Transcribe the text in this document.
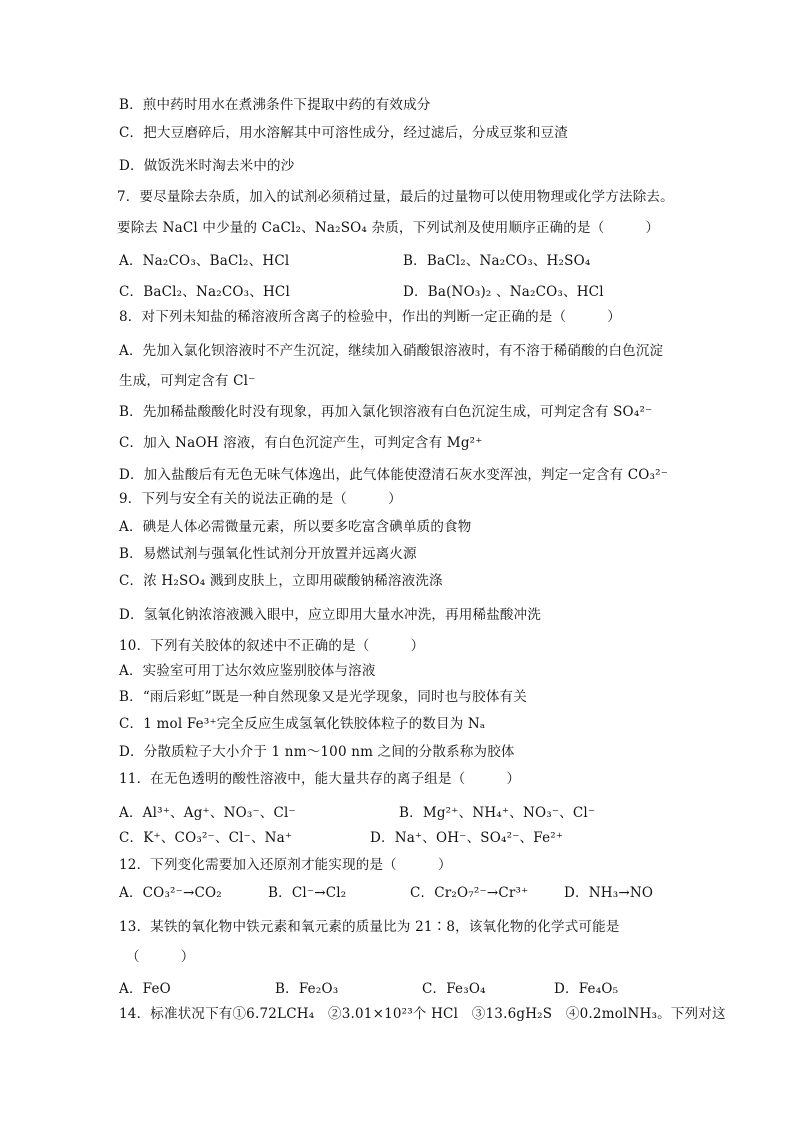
B．煎中药时用水在煮沸条件下提取中药的有效成分
C．把大豆磨碎后，用水溶解其中可溶性成分，经过滤后，分成豆浆和豆渣
D．做饭洗米时淘去米中的沙
7．要尽量除去杂质，加入的试剂必须稍过量，最后的过量物可以使用物理或化学方法除去。
要除去 NaCl 中少量的 CaCl₂、Na₂SO₄ 杂质，下列试剂及使用顺序正确的是（　　　）
A．Na₂CO₃、BaCl₂、HCl	B．BaCl₂、Na₂CO₃、H₂SO₄
C．BaCl₂、Na₂CO₃、HCl	D．Ba(NO₃)₂ 、Na₂CO₃、HCl
8．对下列未知盐的稀溶液所含离子的检验中，作出的判断一定正确的是（　　　）
A．先加入氯化钡溶液时不产生沉淀，继续加入硝酸银溶液时，有不溶于稀硝酸的白色沉淀
生成，可判定含有 Cl⁻
B．先加稀盐酸酸化时没有现象，再加入氯化钡溶液有白色沉淀生成，可判定含有 SO₄²⁻
C．加入 NaOH 溶液，有白色沉淀产生，可判定含有 Mg²⁺
D．加入盐酸后有无色无味气体逸出，此气体能使澄清石灰水变浑浊，判定一定含有 CO₃²⁻
9．下列与安全有关的说法正确的是（　　　）
A．碘是人体必需微量元素，所以要多吃富含碘单质的食物
B．易燃试剂与强氧化性试剂分开放置并远离火源
C．浓 H₂SO₄ 溅到皮肤上，立即用碳酸钠稀溶液洗涤
D．氢氧化钠浓溶液溅入眼中，应立即用大量水冲洗，再用稀盐酸冲洗
10．下列有关胶体的叙述中不正确的是（　　　）
A．实验室可用丁达尔效应鉴别胶体与溶液
B．“雨后彩虹”既是一种自然现象又是光学现象，同时也与胶体有关
C．1 mol Fe³⁺完全反应生成氢氧化铁胶体粒子的数目为 Nₐ
D．分散质粒子大小介于 1 nm～100 nm 之间的分散系称为胶体
11．在无色透明的酸性溶液中，能大量共存的离子组是（　　　）
A．Al³⁺、Ag⁺、NO₃⁻、Cl⁻	B．Mg²⁺、NH₄⁺、NO₃⁻、Cl⁻
C．K⁺、CO₃²⁻、Cl⁻、Na⁺	D．Na⁺、OH⁻、SO₄²⁻、Fe²⁺
12．下列变化需要加入还原剂才能实现的是（　　　）
A．CO₃²⁻→CO₂	B．Cl⁻→Cl₂	C．Cr₂O₇²⁻→Cr³⁺	D．NH₃→NO
13．某铁的氧化物中铁元素和氧元素的质量比为 21∶8，该氧化物的化学式可能是
（　　　）
A．FeO	B．Fe₂O₃	C．Fe₃O₄	D．Fe₄O₅
14．标准状况下有①6.72LCH₄　②3.01×10²³个 HCl　③13.6gH₂S　④0.2molNH₃。下列对这
